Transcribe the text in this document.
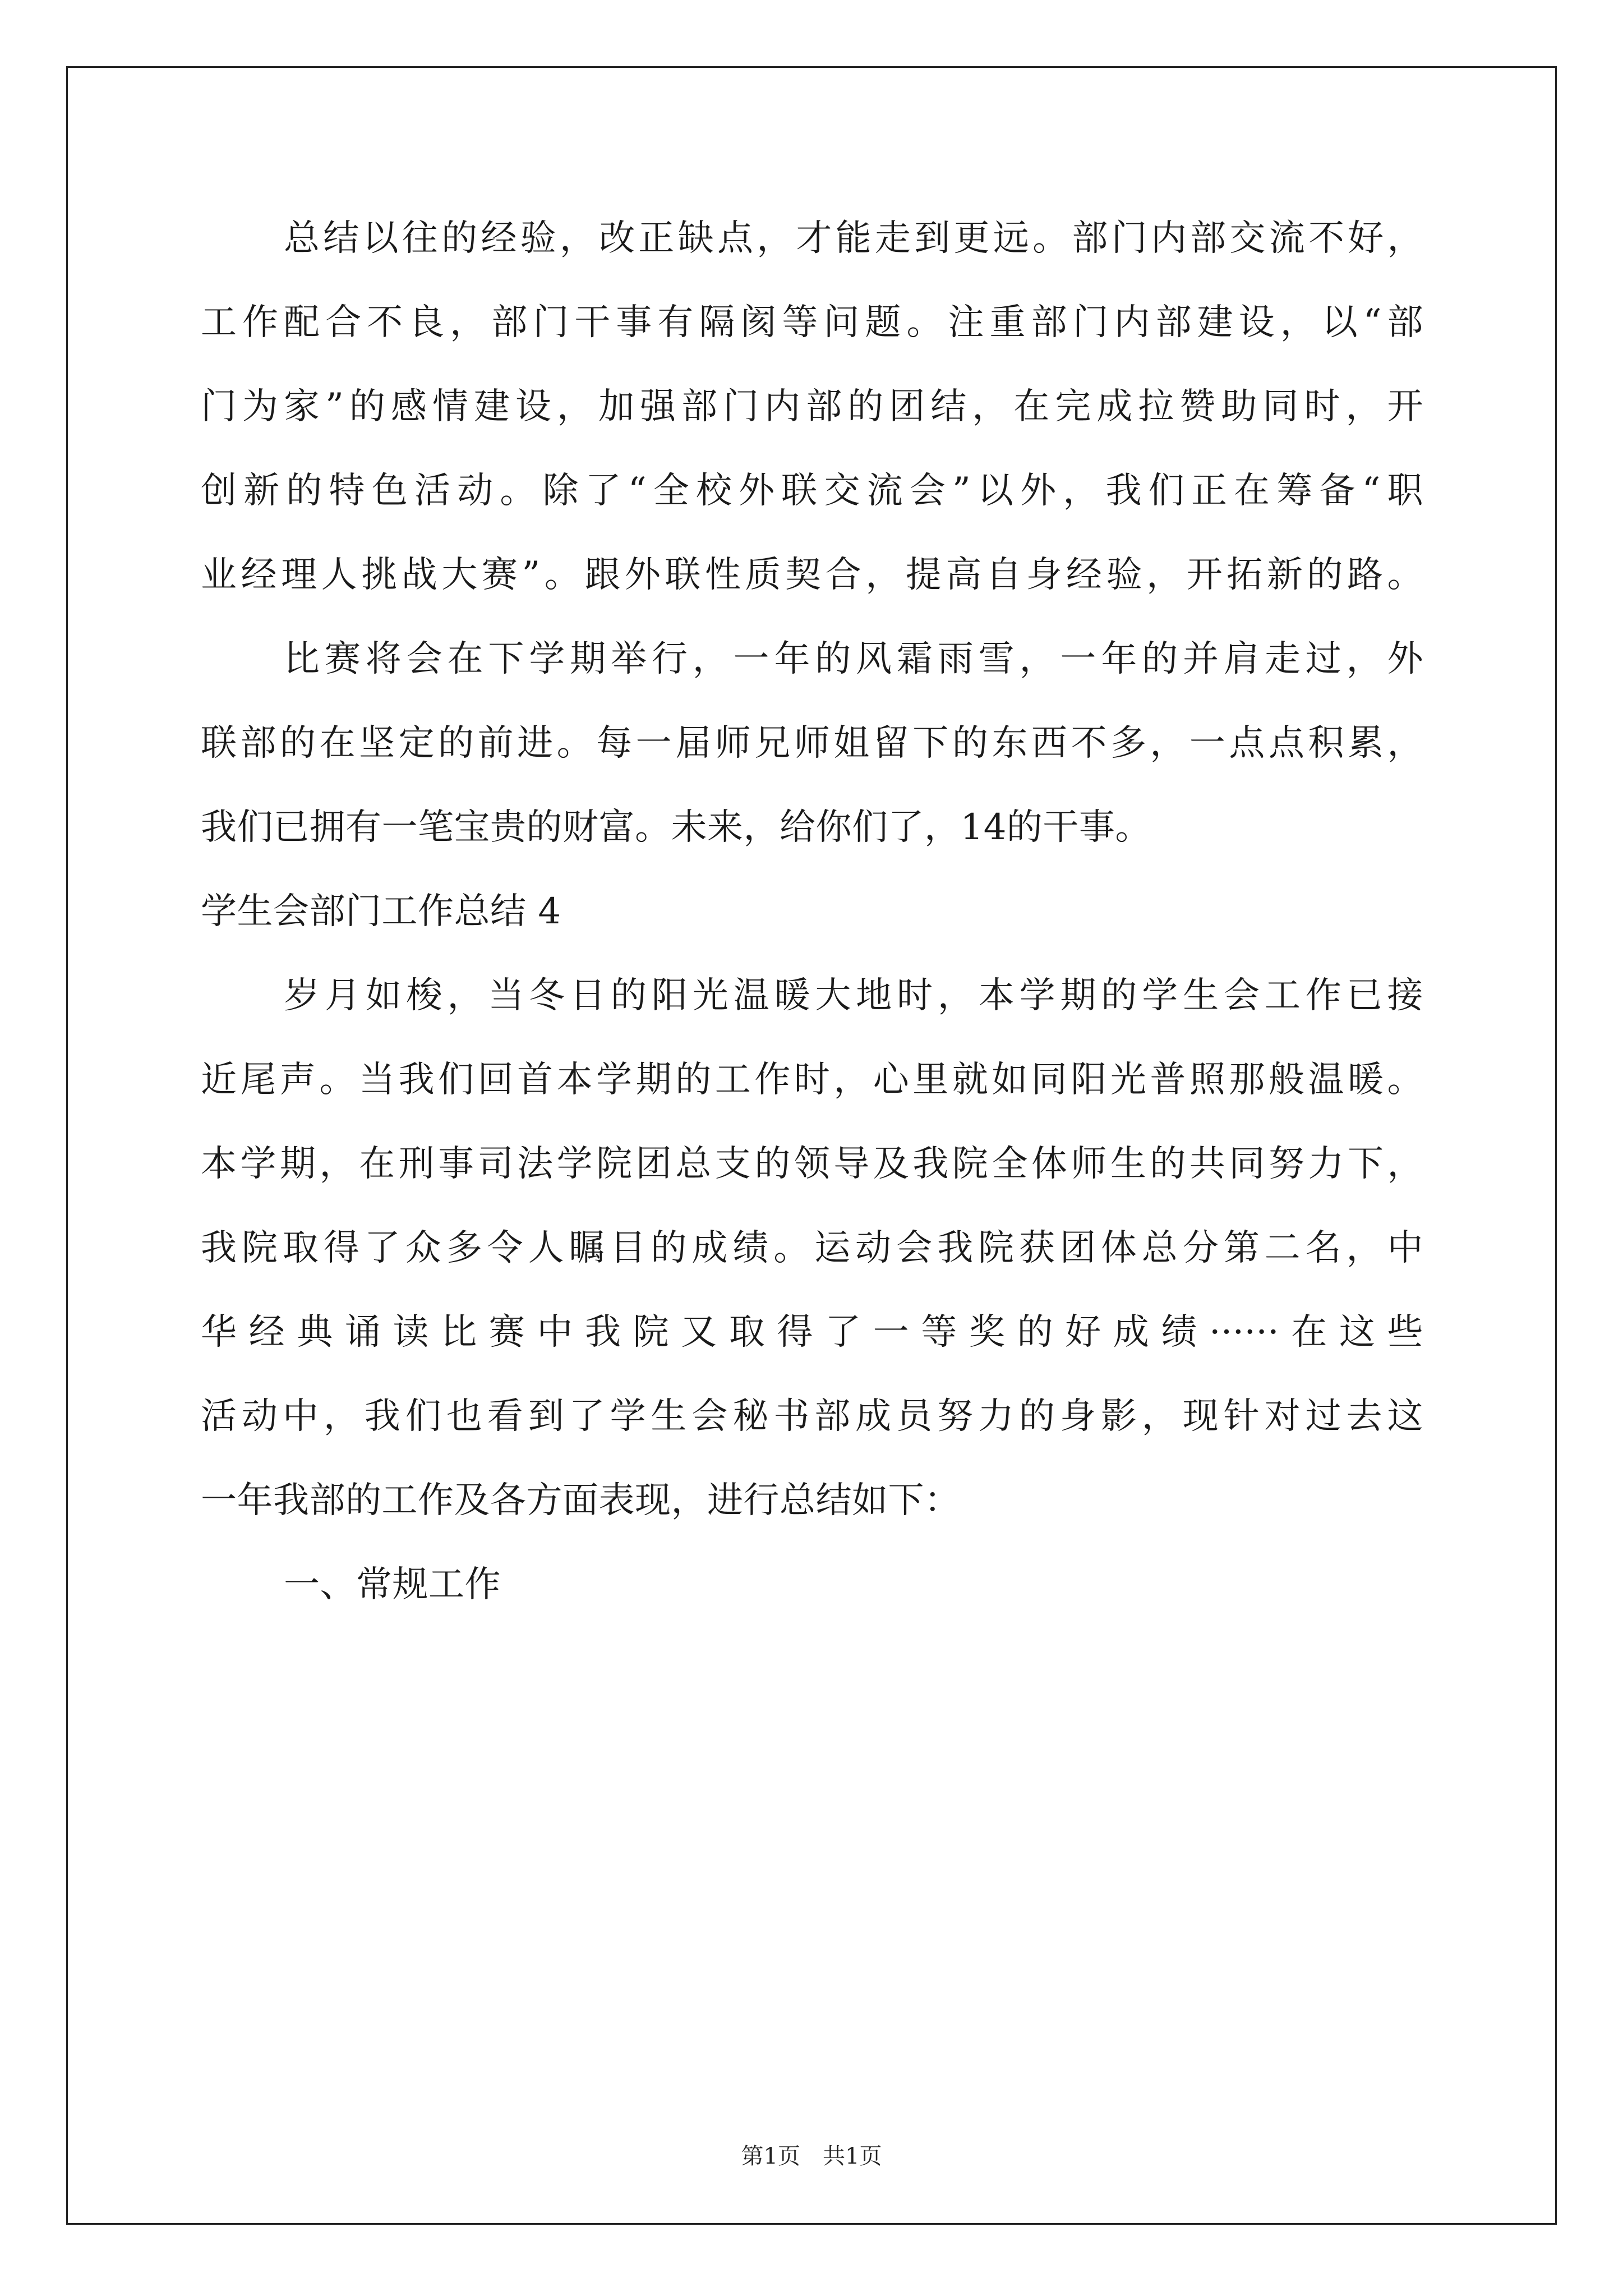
总结以往的经验，改正缺点，才能走到更远。部门内部交流不好，
工作配合不良，部门干事有隔阂等问题。注重部门内部建设，以“部
门为家”的感情建设，加强部门内部的团结，在完成拉赞助同时，开
创新的特色活动。除了“全校外联交流会”以外，我们正在筹备“职
业经理人挑战大赛”。跟外联性质契合，提高自身经验，开拓新的路。
比赛将会在下学期举行，一年的风霜雨雪，一年的并肩走过，外
联部的在坚定的前进。每一届师兄师姐留下的东西不多，一点点积累，
我们已拥有一笔宝贵的财富。未来，给你们了，14的干事。
学生会部门工作总结 4
岁月如梭，当冬日的阳光温暖大地时，本学期的学生会工作已接
近尾声。当我们回首本学期的工作时，心里就如同阳光普照那般温暖。
本学期，在刑事司法学院团总支的领导及我院全体师生的共同努力下，
我院取得了众多令人瞩目的成绩。运动会我院获团体总分第二名，中
华经典诵读比赛中我院又取得了一等奖的好成绩······在这些
活动中，我们也看到了学生会秘书部成员努力的身影，现针对过去这
一年我部的工作及各方面表现，进行总结如下：
一、常规工作
第1页　共1页
